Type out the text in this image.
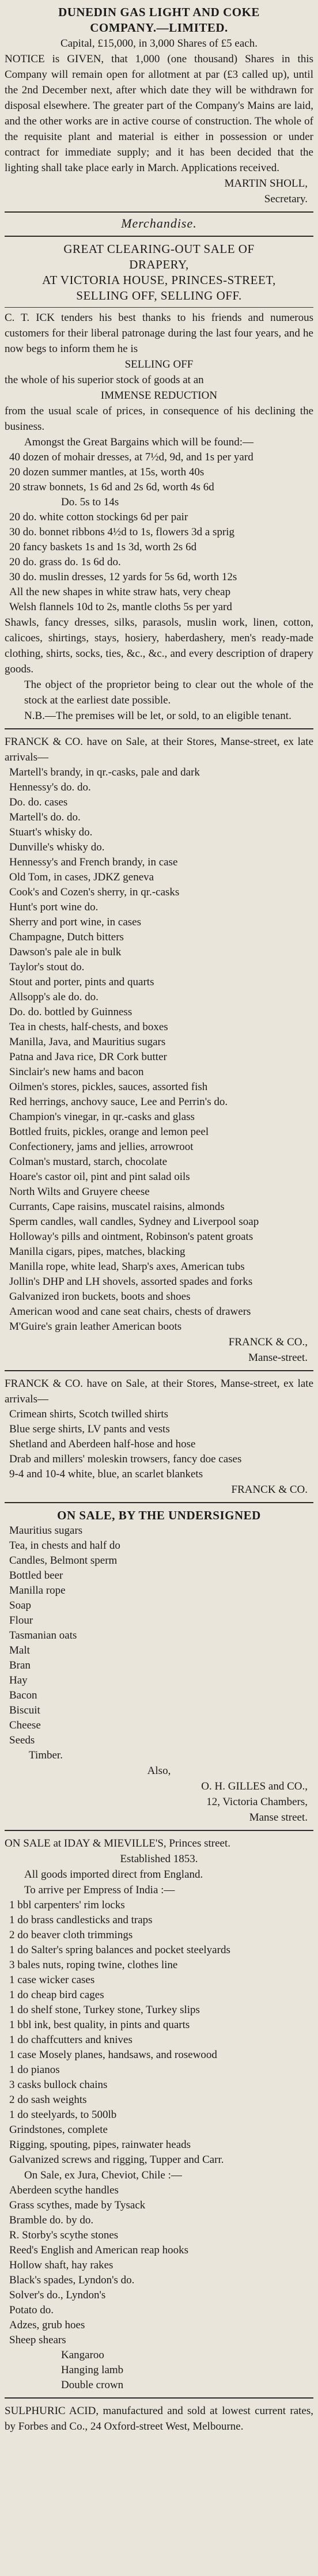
DUNEDIN GAS LIGHT AND COKE
COMPANY.—LIMITED.
Capital, £15,000, in 3,000 Shares of £5 each.
NOTICE is GIVEN, that 1,000 (one thousand) Shares in this Company will remain open for allotment at par (£3 called up), until the 2nd December next, after which date they will be withdrawn for disposal elsewhere. The greater part of the Company's Mains are laid, and the other works are in active course of construction. The whole of the requisite plant and material is either in possession or under contract for immediate supply; and it has been decided that the lighting shall take place early in March. Applications received.
MARTIN SHOLL,
Secretary.
Merchandise.
GREAT CLEARING-OUT SALE OF
DRAPERY,
AT VICTORIA HOUSE, PRINCES-STREET,
SELLING OFF, SELLING OFF.
C. T. ICK tenders his best thanks to his friends and numerous customers for their liberal patronage during the last four years, and he now begs to inform them he is
SELLING OFF
the whole of his superior stock of goods at an
IMMENSE REDUCTION
from the usual scale of prices, in consequence of his declining the business.
Amongst the Great Bargains which will be found:—
40 dozen of mohair dresses, at 7½d, 9d, and 1s per yard
20 dozen summer mantles, at 15s, worth 40s
20 straw bonnets, 1s 6d and 2s 6d, worth 4s 6d
Do. 5s to 14s
20 do. white cotton stockings 6d per pair
30 do. bonnet ribbons 4½d to 1s, flowers 3d a sprig
20 fancy baskets 1s and 1s 3d, worth 2s 6d
20 do. grass do. 1s 6d do.
30 do. muslin dresses, 12 yards for 5s 6d, worth 12s
All the new shapes in white straw hats, very cheap
Welsh flannels 10d to 2s, mantle cloths 5s per yard
Shawls, fancy dresses, silks, parasols, muslin work, linen, cotton, calicoes, shirtings, stays, hosiery, haberdashery, men's ready-made clothing, shirts, socks, ties, &c., &c., and every description of drapery goods.
The object of the proprietor being to clear out the whole of the stock at the earliest date possible.
N.B.—The premises will be let, or sold, to an eligible tenant.
FRANCK & CO. have on Sale, at their Stores, Manse-street, ex late arrivals—
Martell's brandy, in qr.-casks, pale and dark
Hennessy's do. do.
Do. do. cases
Martell's do. do.
Stuart's whisky do.
Dunville's whisky do.
Hennessy's and French brandy, in case
Old Tom, in cases, JDKZ geneva
Cook's and Cozen's sherry, in qr.-casks
Hunt's port wine do.
Sherry and port wine, in cases
Champagne, Dutch bitters
Dawson's pale ale in bulk
Taylor's stout do.
Stout and porter, pints and quarts
Allsopp's ale do. do.
Do. do. bottled by Guinness
Tea in chests, half-chests, and boxes
Manilla, Java, and Mauritius sugars
Patna and Java rice, DR Cork butter
Sinclair's new hams and bacon
Oilmen's stores, pickles, sauces, assorted fish
Red herrings, anchovy sauce, Lee and Perrin's do.
Champion's vinegar, in qr.-casks and glass
Bottled fruits, pickles, orange and lemon peel
Confectionery, jams and jellies, arrowroot
Colman's mustard, starch, chocolate
Hoare's castor oil, pint and pint salad oils
North Wilts and Gruyere cheese
Currants, Cape raisins, muscatel raisins, almonds
Sperm candles, wall candles, Sydney and Liverpool soap
Holloway's pills and ointment, Robinson's patent groats
Manilla cigars, pipes, matches, blacking
Manilla rope, white lead, Sharp's axes, American tubs
Jollin's DHP and LH shovels, assorted spades and forks
Galvanized iron buckets, boots and shoes
American wood and cane seat chairs, chests of drawers
M'Guire's grain leather American boots
FRANCK & CO.,
Manse-street.
FRANCK & CO. have on Sale, at their Stores, Manse-street, ex late arrivals—
Crimean shirts, Scotch twilled shirts
Blue serge shirts, LV pants and vests
Shetland and Aberdeen half-hose and hose
Drab and millers' moleskin trowsers, fancy doe cases
9-4 and 10-4 white, blue, an scarlet blankets
FRANCK & CO.
ON SALE, BY THE UNDERSIGNED
Mauritius sugars
Tea, in chests and half do
Candles, Belmont sperm
Bottled beer
Manilla rope
Soap
Flour
Tasmanian oats
Malt
Bran
Hay
Bacon
Biscuit
Cheese
Seeds
Timber.
Also,
O. H. GILLES and CO.,
12, Victoria Chambers,
Manse street.
ON SALE at IDAY & MIEVILLE'S, Princes street.
Established 1853.
All goods imported direct from England.
To arrive per Empress of India :—
1 bbl carpenters' rim locks
1 do brass candlesticks and traps
2 do beaver cloth trimmings
1 do Salter's spring balances and pocket steelyards
3 bales nuts, roping twine, clothes line
1 case wicker cases
1 do cheap bird cages
1 do shelf stone, Turkey stone, Turkey slips
1 bbl ink, best quality, in pints and quarts
1 do chaffcutters and knives
1 case Mosely planes, handsaws, and rosewood
1 do pianos
3 casks bullock chains
2 do sash weights
1 do steelyards, to 500lb
Grindstones, complete
Rigging, spouting, pipes, rainwater heads
Galvanized screws and rigging, Tupper and Carr.
On Sale, ex Jura, Cheviot, Chile :—
Aberdeen scythe handles
Grass scythes, made by Tysack
Bramble do. by do.
R. Storby's scythe stones
Reed's English and American reap hooks
Hollow shaft, hay rakes
Black's spades, Lyndon's do.
Solver's do., Lyndon's
Potato do.
Adzes, grub hoes
Sheep shears
Kangaroo
Hanging lamb
Double crown
SULPHURIC ACID, manufactured and sold at lowest current rates, by Forbes and Co., 24 Oxford-street West, Melbourne.
